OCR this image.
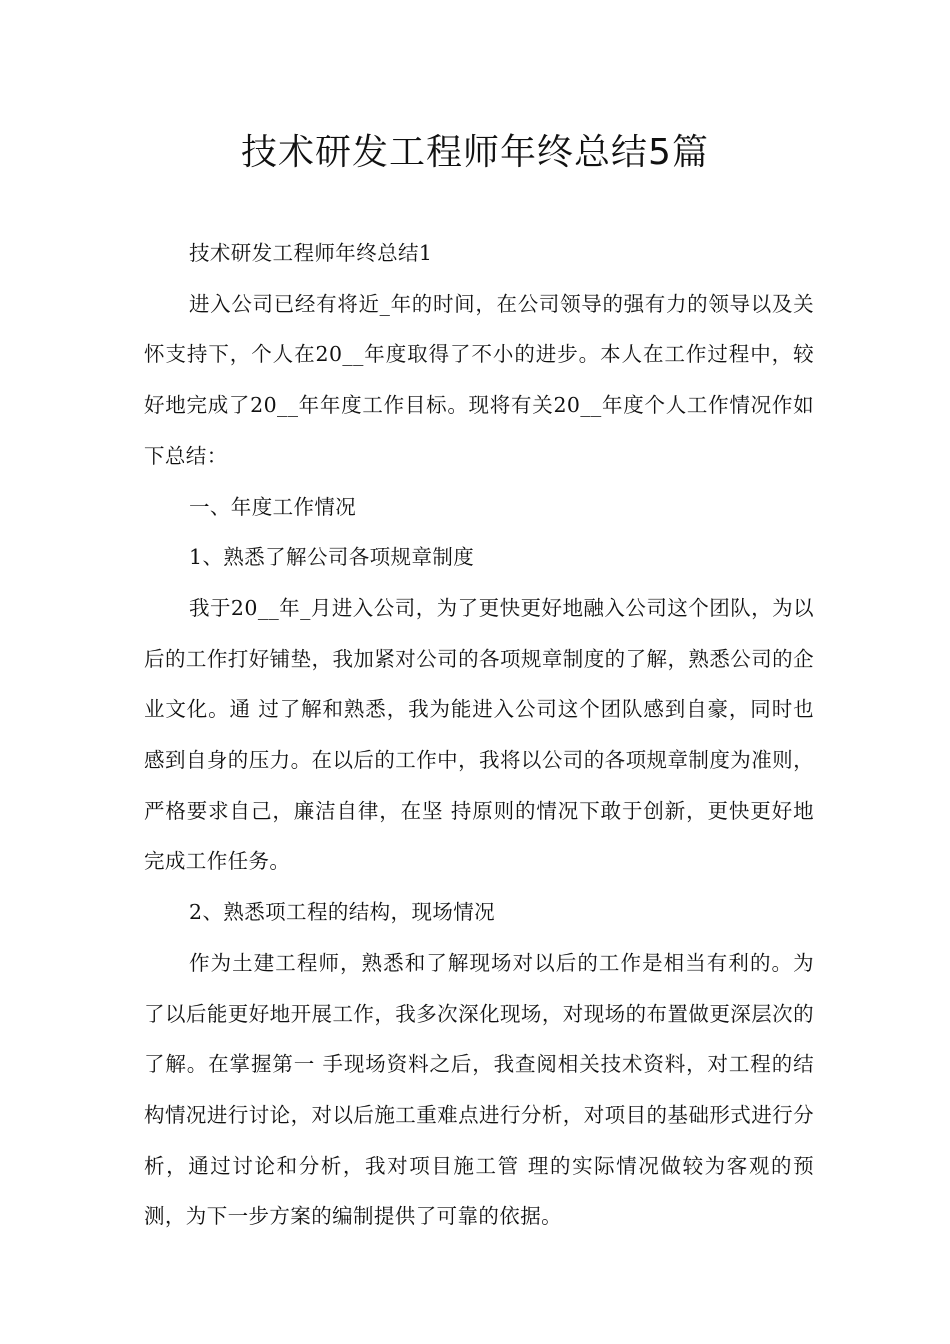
技术研发工程师年终总结5篇

技术研发工程师年终总结1

进入公司已经有将近_年的时间，在公司领导的强有力的领导以及关怀支持下，个人在20__年度取得了不小的进步。本人在工作过程中，较好地完成了20__年年度工作目标。现将有关20__年度个人工作情况作如下总结：

一、年度工作情况

1、熟悉了解公司各项规章制度

我于20__年_月进入公司，为了更快更好地融入公司这个团队，为以后的工作打好铺垫，我加紧对公司的各项规章制度的了解，熟悉公司的企业文化。通 过了解和熟悉，我为能进入公司这个团队感到自豪，同时也感到自身的压力。在以后的工作中，我将以公司的各项规章制度为准则，严格要求自己，廉洁自律，在坚 持原则的情况下敢于创新，更快更好地完成工作任务。

2、熟悉项工程的结构，现场情况

作为土建工程师，熟悉和了解现场对以后的工作是相当有利的。为了以后能更好地开展工作，我多次深化现场，对现场的布置做更深层次的了解。在掌握第一 手现场资料之后，我查阅相关技术资料，对工程的结构情况进行讨论，对以后施工重难点进行分析，对项目的基础形式进行分析，通过讨论和分析，我对项目施工管 理的实际情况做较为客观的预测，为下一步方案的编制提供了可靠的依据。
